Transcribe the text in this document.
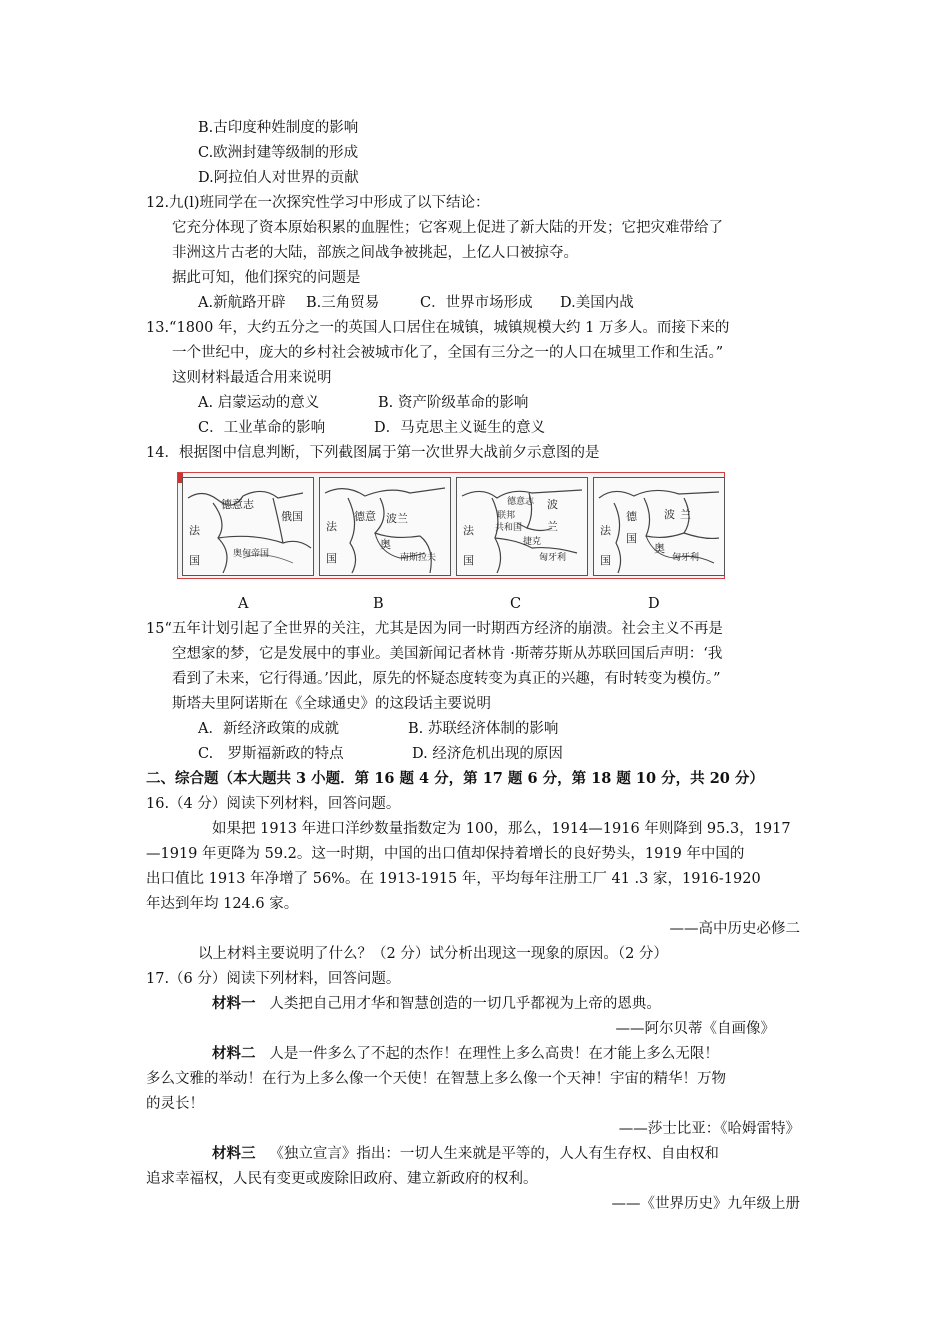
B.古印度种姓制度的影响
C.欧洲封建等级制的形成
D.阿拉伯人对世界的贡献
12.九(l)班同学在一次探究性学习中形成了以下结论：
它充分体现了资本原始积累的血腥性；它客观上促进了新大陆的开发；它把灾难带给了
非洲这片古老的大陆，部族之间战争被挑起，上亿人口被掠夺。
据此可知，他们探究的问题是
A.新航路开辟 B.三角贸易	C．世界市场形成 D.美国内战
13.“1800 年，大约五分之一的英国人口居住在城镇，城镇规模大约 1 万多人。而接下来的
一个世纪中，庞大的乡村社会被城市化了，全国有三分之一的人口在城里工作和生活。”
这则材料最适合用来说明
A. 启蒙运动的意义	B. 资产阶级革命的影响
C．工业革命的影响	D．马克思主义诞生的意义
14．根据图中信息判断，下列截图属于第一次世界大战前夕示意图的是
德意志
俄国
法
国	奥匈帝国
法
国
德意 波兰
奥
南斯拉夫
德意志
联邦
共和国
法
国
波
兰
捷克
匈牙利
德
国
法
国
波 兰
奥
匈牙利
A	B	C	D
15“五年计划引起了全世界的关注，尤其是因为同一时期西方经济的崩溃。社会主义不再是
空想家的梦，它是发展中的事业。美国新闻记者林肯 ·斯蒂芬斯从苏联回国后声明：‘我
看到了未来，它行得通。’因此，原先的怀疑态度转变为真正的兴趣，有时转变为模仿。”
斯塔夫里阿诺斯在《全球通史》的这段话主要说明
A．新经济政策的成就	B. 苏联经济体制的影响
C.　罗斯福新政的特点	D. 经济危机出现的原因
二、综合题（本大题共 3 小题．第 16 题 4 分，第 17 题 6 分，第 18 题 10 分，共 20 分）
16.（4 分）阅读下列材料，回答问题。
如果把 1913 年进口洋纱数量指数定为 100，那么，1914—1916 年则降到 95.3，1917
—1919 年更降为 59.2。这一时期，中国的出口值却保持着增长的良好势头，1919 年中国的
出口值比 1913 年净增了 56%。在 1913-1915 年，平均每年注册工厂 41 .3 家，1916-1920
年达到年均 124.6 家。
——高中历史必修二
以上材料主要说明了什么？（2 分）试分析出现这一现象的原因。（2 分）
17.（6 分）阅读下列材料，回答问题。
材料一 人类把自己用才华和智慧创造的一切几乎都视为上帝的恩典。
——阿尔贝蒂《自画像》
材料二 人是一件多么了不起的杰作！在理性上多么高贵！在才能上多么无限！
多么文雅的举动！在行为上多么像一个天使！在智慧上多么像一个天神！宇宙的精华！万物
的灵长！
——莎士比亚：《哈姆雷特》
材料三 《独立宣言》指出：一切人生来就是平等的，人人有生存权、自由权和
追求幸福权，人民有变更或废除旧政府、建立新政府的权利。
——《世界历史》九年级上册
